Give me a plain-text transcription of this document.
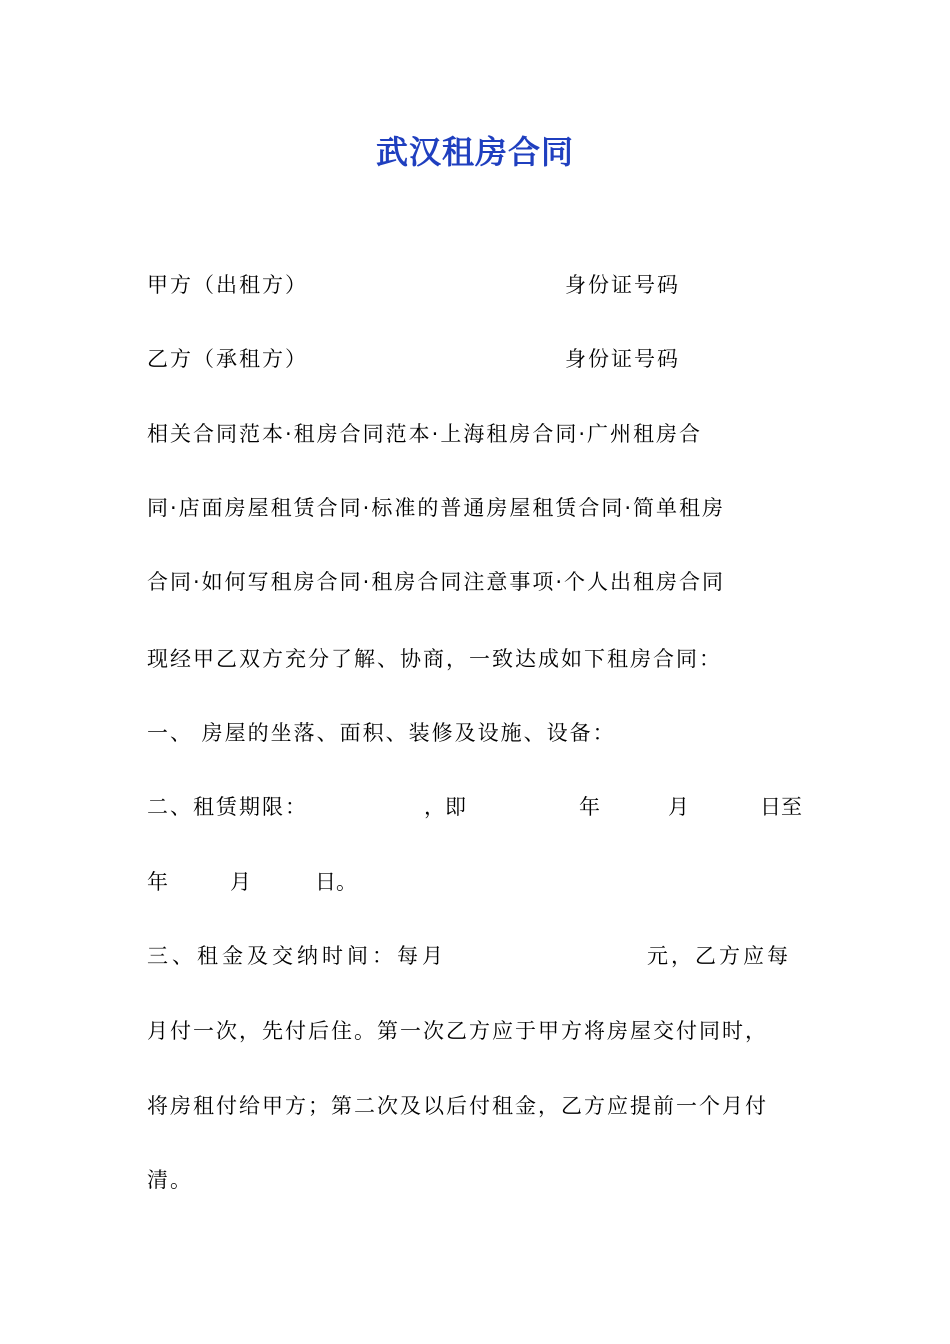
武汉租房合同
甲方（出租方）	身份证号码
乙方（承租方）	身份证号码
相关合同范本·租房合同范本·上海租房合同·广州租房合
同·店面房屋租赁合同·标准的普通房屋租赁合同·简单租房
合同·如何写租房合同·租房合同注意事项·个人出租房合同
现经甲乙双方充分了解、协商，一致达成如下租房合同：
一、 房屋的坐落、面积、装修及设施、设备：
二、租赁期限：	，即	年	月	日至
年	月	日。
三、租金及交纳时间：每月	元，乙方应每
月付一次，先付后住。第一次乙方应于甲方将房屋交付同时，
将房租付给甲方；第二次及以后付租金，乙方应提前一个月付
清。
